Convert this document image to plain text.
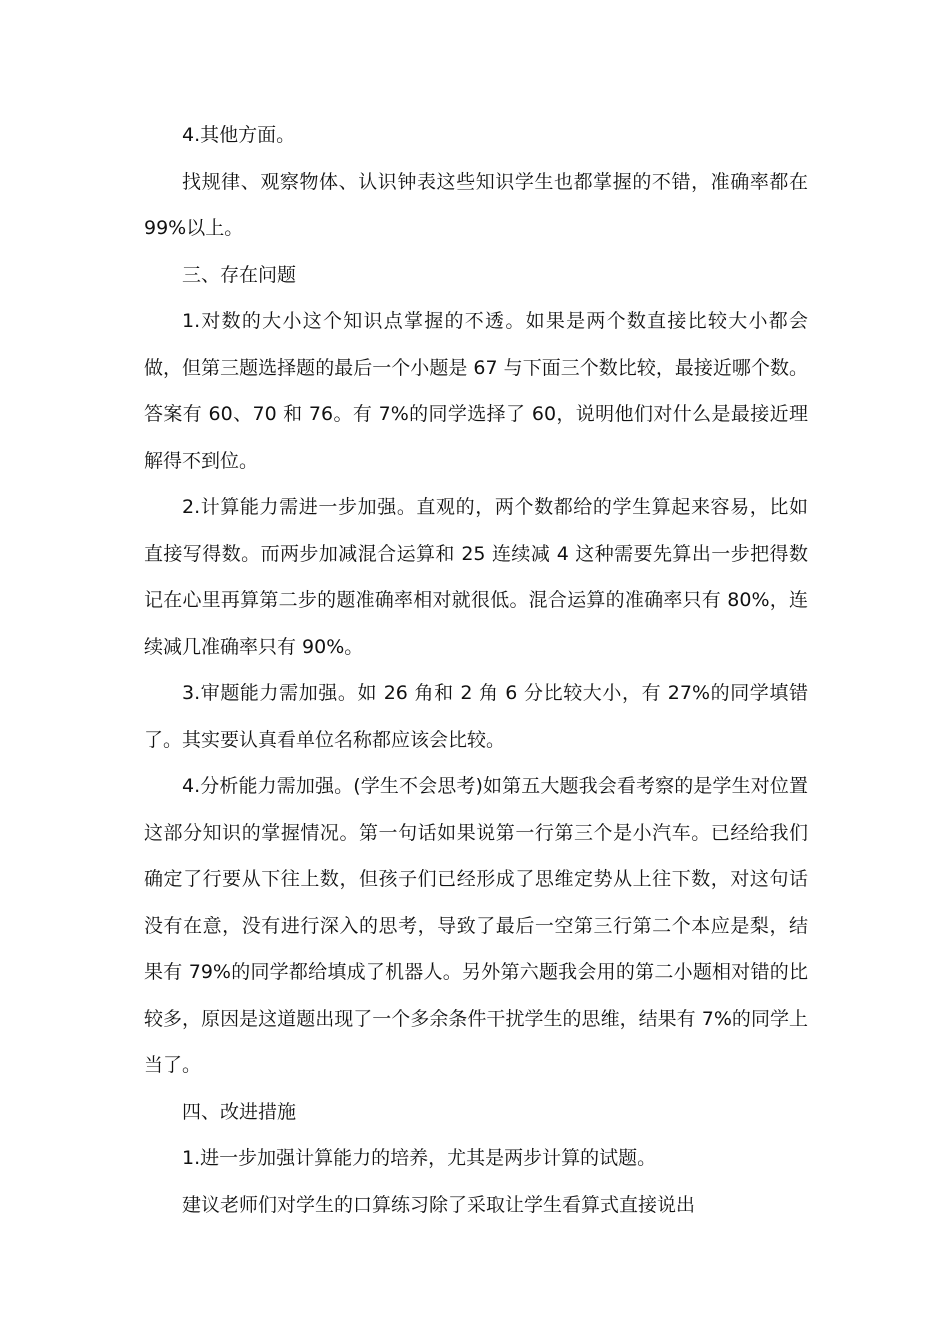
4.其他方面。

找规律、观察物体、认识钟表这些知识学生也都掌握的不错，准确率都在 99%以上。

三、存在问题

1.对数的大小这个知识点掌握的不透。如果是两个数直接比较大小都会做，但第三题选择题的最后一个小题是 67 与下面三个数比较，最接近哪个数。答案有 60、70 和 76。有 7%的同学选择了 60，说明他们对什么是最接近理解得不到位。

2.计算能力需进一步加强。直观的，两个数都给的学生算起来容易，比如直接写得数。而两步加减混合运算和 25 连续减 4 这种需要先算出一步把得数记在心里再算第二步的题准确率相对就很低。混合运算的准确率只有 80%，连续减几准确率只有 90%。

3.审题能力需加强。如 26 角和 2 角 6 分比较大小，有 27%的同学填错了。其实要认真看单位名称都应该会比较。

4.分析能力需加强。(学生不会思考)如第五大题我会看考察的是学生对位置这部分知识的掌握情况。第一句话如果说第一行第三个是小汽车。已经给我们确定了行要从下往上数，但孩子们已经形成了思维定势从上往下数，对这句话没有在意，没有进行深入的思考，导致了最后一空第三行第二个本应是梨，结果有 79%的同学都给填成了机器人。另外第六题我会用的第二小题相对错的比较多，原因是这道题出现了一个多余条件干扰学生的思维，结果有 7%的同学上当了。

四、改进措施

1.进一步加强计算能力的培养，尤其是两步计算的试题。

建议老师们对学生的口算练习除了采取让学生看算式直接说出
